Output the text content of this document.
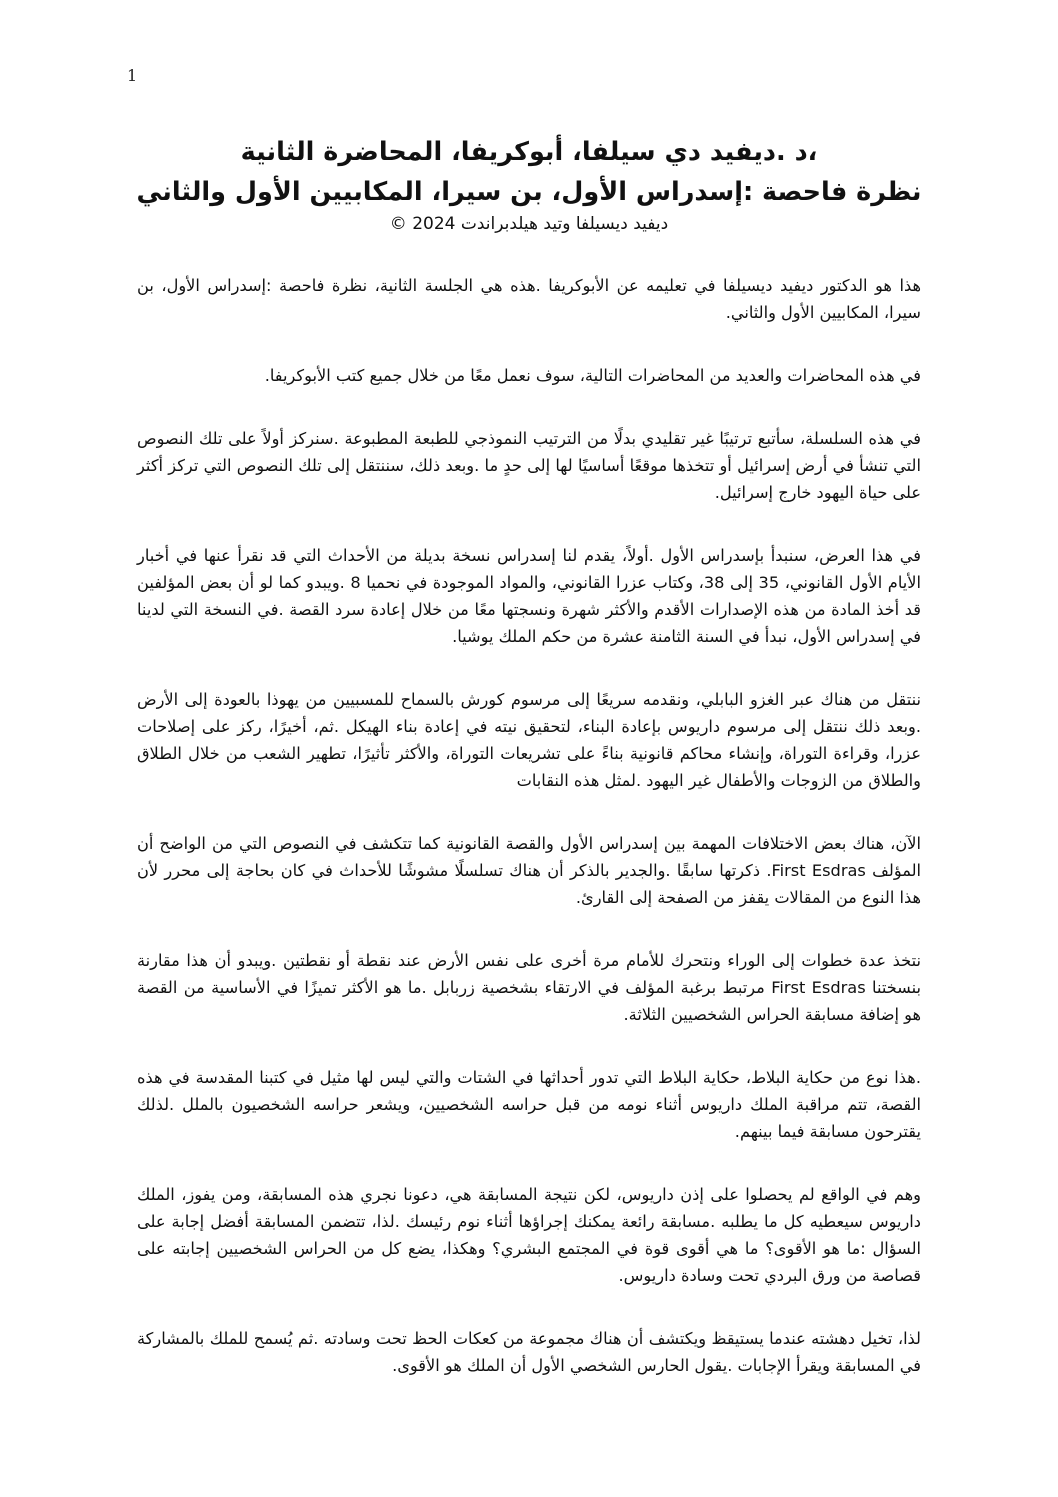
1
،د .ديفيد دي سيلفا، أبوكريفا، المحاضرة الثانية
نظرة فاحصة :إسدراس الأول، بن سيرا، المكابيين الأول والثاني
ديفيد ديسيلفا وتيد هيلدبراندت 2024 ©

هذا هو الدكتور ديفيد ديسيلفا في تعليمه عن الأبوكريفا .هذه هي الجلسة الثانية، نظرة فاحصة :إسدراس الأول، بن سيرا، المكابيين الأول والثاني.

في هذه المحاضرات والعديد من المحاضرات التالية، سوف نعمل معًا من خلال جميع كتب الأبوكريفا.

في هذه السلسلة، سأتبع ترتيبًا غير تقليدي بدلًا من الترتيب النموذجي للطبعة المطبوعة .سنركز أولاً على تلك النصوص التي تنشأ في أرض إسرائيل أو تتخذها موقعًا أساسيًا لها إلى حدٍ ما .وبعد ذلك، سننتقل إلى تلك النصوص التي تركز أكثر على حياة اليهود خارج إسرائيل.

في هذا العرض، سنبدأ بإسدراس الأول .أولاً، يقدم لنا إسدراس نسخة بديلة من الأحداث التي قد نقرأ عنها في أخبار الأيام الأول القانوني، 35 إلى 38، وكتاب عزرا القانوني، والمواد الموجودة في نحميا 8 .ويبدو كما لو أن بعض المؤلفين قد أخذ المادة من هذه الإصدارات الأقدم والأكثر شهرة ونسجتها معًا من خلال إعادة سرد القصة .في النسخة التي لدينا في إسدراس الأول، نبدأ في السنة الثامنة عشرة من حكم الملك يوشيا.

ننتقل من هناك عبر الغزو البابلي، ونقدمه سريعًا إلى مرسوم كورش بالسماح للمسبيين من يهوذا بالعودة إلى الأرض .وبعد ذلك ننتقل إلى مرسوم داريوس بإعادة البناء، لتحقيق نيته في إعادة بناء الهيكل .ثم، أخيرًا، ركز على إصلاحات عزرا، وقراءة التوراة، وإنشاء محاكم قانونية بناءً على تشريعات التوراة، والأكثر تأثيرًا، تطهير الشعب من خلال الطلاق والطلاق من الزوجات والأطفال غير اليهود .لمثل هذه النقابات

الآن، هناك بعض الاختلافات المهمة بين إسدراس الأول والقصة القانونية كما تتكشف في النصوص التي من الواضح أن المؤلف First Esdras. ذكرتها سابقًا .والجدير بالذكر أن هناك تسلسلًا مشوشًا للأحداث في كان بحاجة إلى محرر لأن هذا النوع من المقالات يقفز من الصفحة إلى القارئ.

نتخذ عدة خطوات إلى الوراء ونتحرك للأمام مرة أخرى على نفس الأرض عند نقطة أو نقطتين .ويبدو أن هذا مقارنة بنسختنا First Esdras مرتبط برغبة المؤلف في الارتقاء بشخصية زربابل .ما هو الأكثر تميزًا في الأساسية من القصة هو إضافة مسابقة الحراس الشخصيين الثلاثة.

.هذا نوع من حكاية البلاط، حكاية البلاط التي تدور أحداثها في الشتات والتي ليس لها مثيل في كتبنا المقدسة في هذه القصة، تتم مراقبة الملك داريوس أثناء نومه من قبل حراسه الشخصيين، ويشعر حراسه الشخصيون بالملل .لذلك يقترحون مسابقة فيما بينهم.

وهم في الواقع لم يحصلوا على إذن داريوس، لكن نتيجة المسابقة هي، دعونا نجري هذه المسابقة، ومن يفوز، الملك داريوس سيعطيه كل ما يطلبه .مسابقة رائعة يمكنك إجراؤها أثناء نوم رئيسك .لذا، تتضمن المسابقة أفضل إجابة على السؤال :ما هو الأقوى؟ ما هي أقوى قوة في المجتمع البشري؟ وهكذا، يضع كل من الحراس الشخصيين إجابته على قصاصة من ورق البردي تحت وسادة داريوس.

لذا، تخيل دهشته عندما يستيقظ ويكتشف أن هناك مجموعة من كعكات الحظ تحت وسادته .ثم يُسمح للملك بالمشاركة في المسابقة ويقرأ الإجابات .يقول الحارس الشخصي الأول أن الملك هو الأقوى.
